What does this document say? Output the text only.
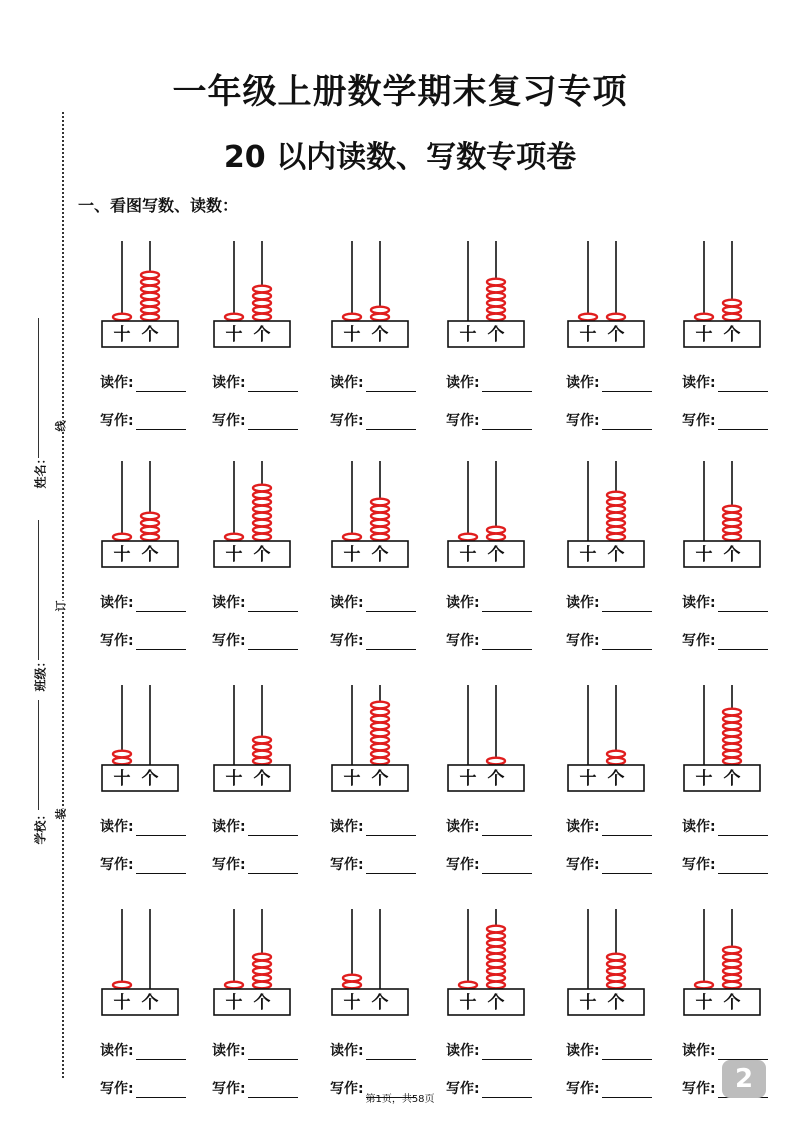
一年级上册数学期末复习专项
20 以内读数、写数专项卷
一、看图写数、读数：
姓名：
班级：
学校：
线
订
装
十 个
读作:
写作:
十 个
读作:
写作:
十 个
读作:
写作:
十 个
读作:
写作:
十 个
读作:
写作:
十 个
读作:
写作:
十 个
读作:
写作:
十 个
读作:
写作:
十 个
读作:
写作:
十 个
读作:
写作:
十 个
读作:
写作:
十 个
读作:
写作:
十 个
读作:
写作:
十 个
读作:
写作:
十 个
读作:
写作:
十 个
读作:
写作:
十 个
读作:
写作:
十 个
读作:
写作:
十 个
读作:
写作:
十 个
读作:
写作:
十 个
读作:
写作:
十 个
读作:
写作:
十 个
读作:
写作:
十 个
读作:
写作:
第1页，共58页
2
